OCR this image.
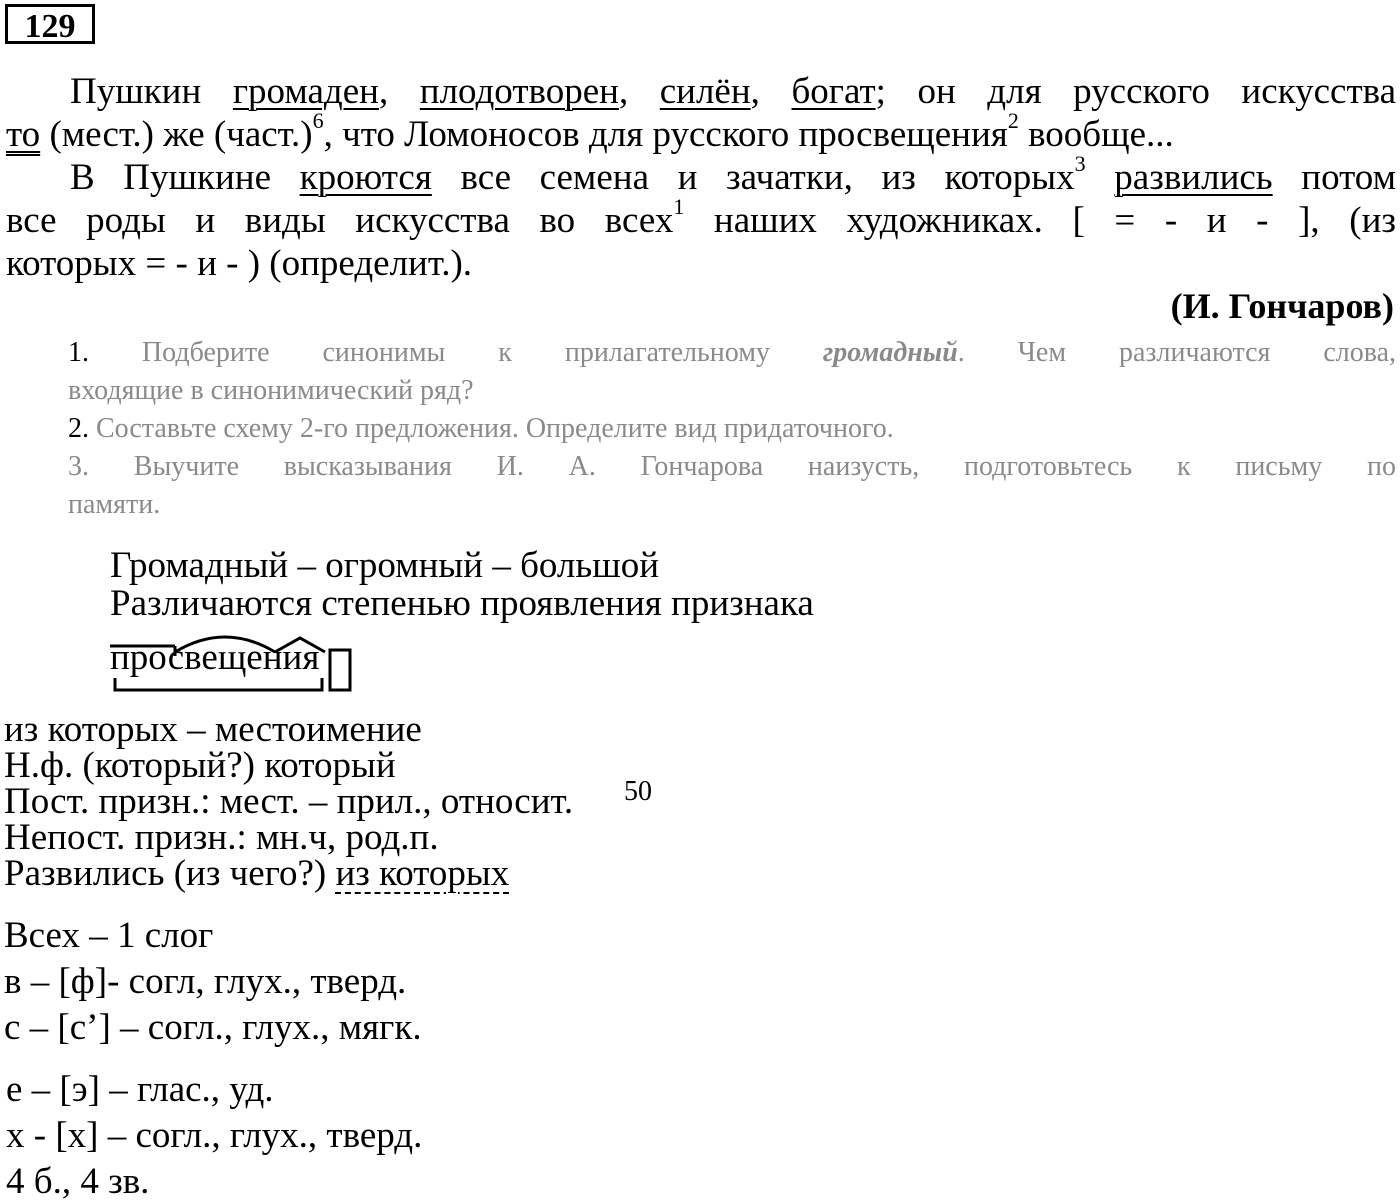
129
Пушкин громаден, плодотворен, силён, богат; он для русского искусства
то (мест.) же (част.)$^6$, что Ломоносов для русского просвещения$^2$ вообще...
В Пушкине кроются все семена и зачатки, из которых$^3$ развились потом
все роды и виды искусства во всех$^1$ наших художниках. [ = - и - ], (из
которых = - и - ) (определит.).
(И. Гончаров)
1. Подберите синонимы к прилагательному громадный. Чем различаются слова,
входящие в синонимический ряд?
2. Составьте схему 2-го предложения. Определите вид придаточного.
3. Выучите высказывания И. А. Гончарова наизусть, подготовьтесь к письму по
памяти.
Громадный – огромный – большой
Различаются степенью проявления признака
просвещения
из которых – местоимение
Н.ф. (который?) который
Пост. призн.: мест. – прил., относит. 50
Непост. призн.: мн.ч, род.п.
Развились (из чего?) из которых
Всех – 1 слог
в – [ф]- согл, глух., тверд.
с – [с’] – согл., глух., мягк.
е – [э] – глас., уд.
х - [х] – согл., глух., тверд.
4 б., 4 зв.
